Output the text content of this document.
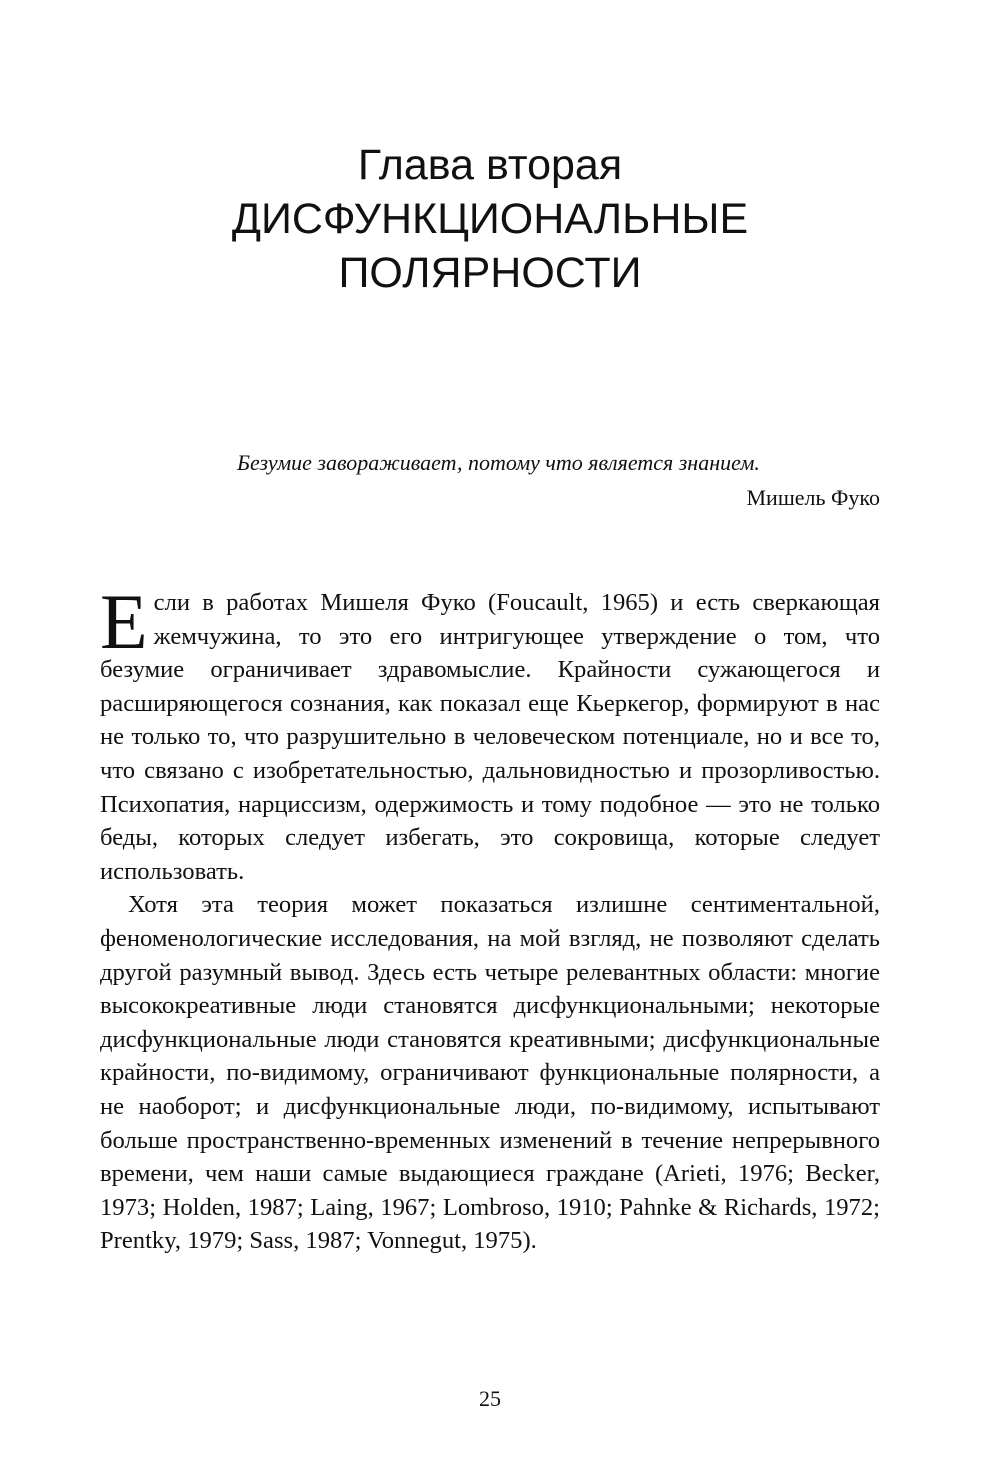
Глава вторая
ДИСФУНКЦИОНАЛЬНЫЕ
ПОЛЯРНОСТИ
Безумие завораживает, потому что является знанием.
Мишель Фуко

Если в работах Мишеля Фуко (Foucault, 1965) и есть сверкающая жемчужина, то это его интригующее утверждение о том, что безумие ограничивает здравомыслие. Крайности сужающегося и расширяющегося сознания, как показал еще Кьеркегор, формируют в нас не только то, что разрушительно в человеческом потенциале, но и все то, что связано с изобретательностью, дальновидностью и прозорливостью. Психопатия, нарциссизм, одержимость и тому подобное — это не только беды, которых следует избегать, это сокровища, которые следует использовать.

Хотя эта теория может показаться излишне сентиментальной, феноменологические исследования, на мой взгляд, не позволяют сделать другой разумный вывод. Здесь есть четыре релевантных области: многие высококреативные люди становятся дисфункциональными; некоторые дисфункциональные люди становятся креативными; дисфункциональные крайности, по-видимому, ограничивают функциональные полярности, а не наоборот; и дисфункциональные люди, по-видимому, испытывают больше пространственно-временных изменений в течение непрерывного времени, чем наши самые выдающиеся граждане (Arieti, 1976; Becker, 1973; Holden, 1987; Laing, 1967; Lombroso, 1910; Pahnke & Richards, 1972; Prentky, 1979; Sass, 1987; Vonnegut, 1975).

25
